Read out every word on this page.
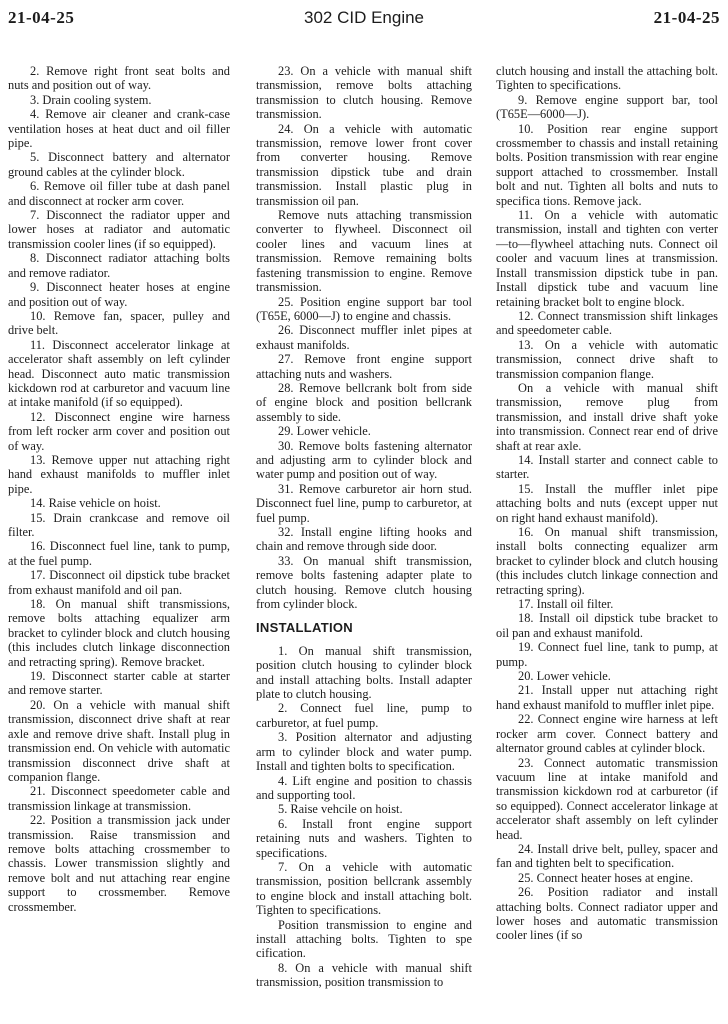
21-04-25	302 CID Engine	21-04-25

2. Remove right front seat bolts and nuts and position out of way.

3. Drain cooling system.

4. Remove air cleaner and crank-case ventilation hoses at heat duct and oil filler pipe.

5. Disconnect battery and alternator ground cables at the cylinder block.

6. Remove oil filler tube at dash panel and disconnect at rocker arm cover.

7. Disconnect the radiator upper and lower hoses at radiator and automatic transmission cooler lines (if so equipped).

8. Disconnect radiator attaching bolts and remove radiator.

9. Disconnect heater hoses at engine and position out of way.

10. Remove fan, spacer, pulley and drive belt.

11. Disconnect accelerator linkage at accelerator shaft assembly on left cylinder head. Disconnect auto matic transmission kickdown rod at carburetor and vacuum line at intake manifold (if so equipped).

12. Disconnect engine wire harness from left rocker arm cover and position out of way.

13. Remove upper nut attaching right hand exhaust manifolds to muffler inlet pipe.

14. Raise vehicle on hoist.

15. Drain crankcase and remove oil filter.

16. Disconnect fuel line, tank to pump, at the fuel pump.

17. Disconnect oil dipstick tube bracket from exhaust manifold and oil pan.

18. On manual shift transmissions, remove bolts attaching equalizer arm bracket to cylinder block and clutch housing (this includes clutch linkage disconnection and retracting spring). Remove bracket.

19. Disconnect starter cable at starter and remove starter.

20. On a vehicle with manual shift transmission, disconnect drive shaft at rear axle and remove drive shaft. Install plug in transmission end. On vehicle with automatic transmission disconnect drive shaft at companion flange.

21. Disconnect speedometer cable and transmission linkage at transmission.

22. Position a transmission jack under transmission. Raise transmission and remove bolts attaching crossmember to chassis. Lower transmission slightly and remove bolt and nut attaching rear engine support to crossmember. Remove crossmember.

23. On a vehicle with manual shift transmission, remove bolts attaching transmission to clutch housing. Remove transmission.

24. On a vehicle with automatic transmission, remove lower front cover from converter housing. Remove transmission dipstick tube and drain transmission. Install plastic plug in transmission oil pan.

Remove nuts attaching transmission converter to flywheel. Disconnect oil cooler lines and vacuum lines at transmission. Remove remaining bolts fastening transmission to engine. Remove transmission.

25. Position engine support bar tool (T65E, 6000—J) to engine and chassis.

26. Disconnect muffler inlet pipes at exhaust manifolds.

27. Remove front engine support attaching nuts and washers.

28. Remove bellcrank bolt from side of engine block and position bellcrank assembly to side.

29. Lower vehicle.

30. Remove bolts fastening alternator and adjusting arm to cylinder block and water pump and position out of way.

31. Remove carburetor air horn stud. Disconnect fuel line, pump to carburetor, at fuel pump.

32. Install engine lifting hooks and chain and remove through side door.

33. On manual shift transmission, remove bolts fastening adapter plate to clutch housing. Remove clutch housing from cylinder block.

INSTALLATION

1. On manual shift transmission, position clutch housing to cylinder block and install attaching bolts. Install adapter plate to clutch housing.

2. Connect fuel line, pump to carburetor, at fuel pump.

3. Position alternator and adjusting arm to cylinder block and water pump. Install and tighten bolts to specification.

4. Lift engine and position to chassis and supporting tool.

5. Raise vehcile on hoist.

6. Install front engine support retaining nuts and washers. Tighten to specifications.

7. On a vehicle with automatic transmission, position bellcrank assembly to engine block and install attaching bolt. Tighten to specifications.

Position transmission to engine and install attaching bolts. Tighten to spe cification.

8. On a vehicle with manual shift transmission, position transmission to

clutch housing and install the attaching bolt. Tighten to specifications.

9. Remove engine support bar, tool (T65E—6000—J).

10. Position rear engine support crossmember to chassis and install retaining bolts. Position transmission with rear engine support attached to crossmember. Install bolt and nut. Tighten all bolts and nuts to specifica tions. Remove jack.

11. On a vehicle with automatic transmission, install and tighten con verter—to—flywheel attaching nuts. Connect oil cooler and vacuum lines at transmission. Install transmission dipstick tube in pan. Install dipstick tube and vacuum line retaining bracket bolt to engine block.

12. Connect transmission shift linkages and speedometer cable.

13. On a vehicle with automatic transmission, connect drive shaft to transmission companion flange.

On a vehicle with manual shift transmission, remove plug from transmission, and install drive shaft yoke into transmission. Connect rear end of drive shaft at rear axle.

14. Install starter and connect cable to starter.

15. Install the muffler inlet pipe attaching bolts and nuts (except upper nut on right hand exhaust manifold).

16. On manual shift transmission, install bolts connecting equalizer arm bracket to cylinder block and clutch housing (this includes clutch linkage connection and retracting spring).

17. Install oil filter.

18. Install oil dipstick tube bracket to oil pan and exhaust manifold.

19. Connect fuel line, tank to pump, at pump.

20. Lower vehicle.

21. Install upper nut attaching right hand exhaust manifold to muffler inlet pipe.

22. Connect engine wire harness at left rocker arm cover. Connect battery and alternator ground cables at cylinder block.

23. Connect automatic transmission vacuum line at intake manifold and transmission kickdown rod at carburetor (if so equipped). Connect accelerator linkage at accelerator shaft assembly on left cylinder head.

24. Install drive belt, pulley, spacer and fan and tighten belt to specification.

25. Connect heater hoses at engine.

26. Position radiator and install attaching bolts. Connect radiator upper and lower hoses and automatic transmission cooler lines (if so
